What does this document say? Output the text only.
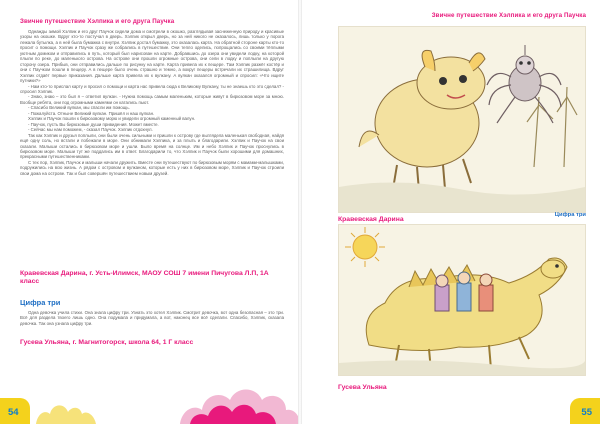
Звичне путешествие Хэлпика и его друга Паучка

Однажды зимой Хэлпик и его друг Паучок сидели дома и смотрели в окошко, разглядывая заснеженную природу и красивые узоры на окошке. Вдруг кто-то постучал в дверь. Хэлпик открыл дверь, но за ней никого не оказалось, лишь только у порога лежала бутылка, а в ней была бумажка с внутри. Хэлпик достал бумажку, это оказалась карта. На обратной стороне карты кто-то просит о помощи. Хэлпик и Паучок сразу же собрались в путешествие. Они тепло оделись, попрощались со своими тёплыми уютным домиком и отправились в путь, который был нарисован на карте. Добравшись до озера они увидели лодку, на которой плыли по реке, до маленького острова. На острове они прошли огромные острова, они сели в лодку и поплыли на другую сторону озера. Прибыв, они отправились дальше по рисунку на карте. Карта привела их к пещере. Там Хэлпик разжёг костёр и они с Паучком пошли в пещеру. А в пещере было очень страшно и темно, а вокруг пещеры встречали их страшилища. Вдруг Хэлпик отдаёт первые приказания. Дальше карта привела их к вулкану. А вулкан оказался огромный и спросил: «Что ищите путники?»

- Нам кто-то прислал карту и просил о помощи и карта нас привела сюда к Великому Вулкану, ты не знаешь кто это сделал? - спросил Хэлпик.

- Знаю, знаю – это был я – ответил вулкан. - Нужна помощь самым маленьким, которые живут в бирюзовом море за мною. Вообще ребята, они под огромными камнями он катались пьют.

- Спасибо Великий вулкан, мы спасли им помощь.

- Пожалуйста. Отныне Великий вулкан. Пришёл и наш вулкан.

Хэлпик и Паучок пошли к бирюзовому морю и увидели огромный каменный валун.

- Паучок, пусть Вы бирюзовые души привидения. Может вместе.

- Сейчас мы нам поможем, - сказал Паучок. Хэлпик отдохнул.

Так как Хэлпик и друзья поплыли, они были очень сильными и пришли к острову где выглядела маленькая свободная, найдя ещё одну соль, но встали и побежали в море. Они обнимали Хэлпика, и за плыть и благодарили. Хэлпик и Паучок на свои сказали. Малыши остались в бирюзовом море и ушли. Было время на солнце. Им и небо Хэлпик и Паучок проснулись в бирюзовом море. Малыши тут же поддались им в ответ. Благодарили то, что Хэлпик и Паучок были хорошими для домашних, прекрасными путешественниками.

С тех пор, Хэлпик, Паучок и малыши начали дружить. Вместе они путешествуют по бирюзовым морям с мамами-малышками, подружились на всю жизнь. А рядом с островом и вулканом, которые есть у них в бирюзовом море, Хэлпик и Паучок строили свои дома на острове. Так и был совершён путешествием новым друзей.

Кравевская Дарина, г. Усть-Илимск, МАОУ СОШ 7 имени Пичугова Л.П, 1А класс
Цифра три

Одна девочка учила стихи. Она знала цифру три. Узнать это хотел Хэлпик. Смотрит девочка, вот одна безопасная – это три. Всё для раздела твоего лишь одно. Она подумала и придумала, а вот, наконец все всё сделали. Спасибо, Хэлпик, сказала девочка. Так она узнала цифру три.

Гусева Ульяна, г. Магнитогорск, школа 64, 1 Г класс
54
Звичне путешествие Хэлпика и его друга Паучка
Кравевская Дарина
Цифра три
Гусева Ульяна
55
